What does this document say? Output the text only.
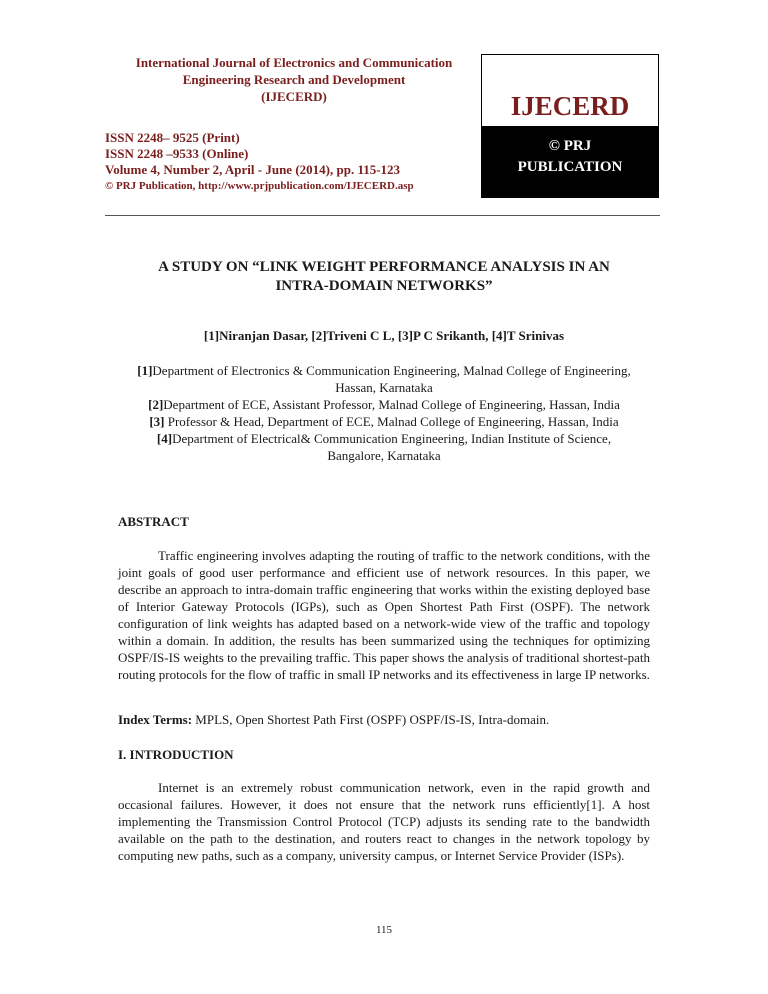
International Journal of Electronics and Communication
Engineering Research and Development
(IJECERD)
ISSN 2248– 9525 (Print)
ISSN 2248 –9533 (Online)
Volume 4, Number 2, April - June (2014), pp. 115-123
© PRJ Publication, http://www.prjpublication.com/IJECERD.asp
IJECERD
© PRJ
PUBLICATION
A STUDY ON “LINK WEIGHT PERFORMANCE ANALYSIS IN AN
INTRA-DOMAIN NETWORKS”
[1]Niranjan Dasar, [2]Triveni C L, [3]P C Srikanth, [4]T Srinivas
[1]Department of Electronics & Communication Engineering, Malnad College of Engineering,
Hassan, Karnataka
[2]Department of ECE, Assistant Professor, Malnad College of Engineering, Hassan, India
[3] Professor & Head, Department of ECE, Malnad College of Engineering, Hassan, India
[4]Department of Electrical& Communication Engineering, Indian Institute of Science,
Bangalore, Karnataka
ABSTRACT

Traffic engineering involves adapting the routing of traffic to the network conditions, with the joint goals of good user performance and efficient use of network resources. In this paper, we describe an approach to intra-domain traffic engineering that works within the existing deployed base of Interior Gateway Protocols (IGPs), such as Open Shortest Path First (OSPF). The network configuration of link weights has adapted based on a network-wide view of the traffic and topology within a domain. In addition, the results has been summarized using the techniques for optimizing OSPF/IS-IS weights to the prevailing traffic. This paper shows the analysis of traditional shortest-path routing protocols for the flow of traffic in small IP networks and its effectiveness in large IP networks.

Index Terms: MPLS, Open Shortest Path First (OSPF) OSPF/IS-IS, Intra-domain.
I. INTRODUCTION

Internet is an extremely robust communication network, even in the rapid growth and occasional failures. However, it does not ensure that the network runs efficiently[1]. A host implementing the Transmission Control Protocol (TCP) adjusts its sending rate to the bandwidth available on the path to the destination, and routers react to changes in the network topology by computing new paths, such as a company, university campus, or Internet Service Provider (ISPs).

115
